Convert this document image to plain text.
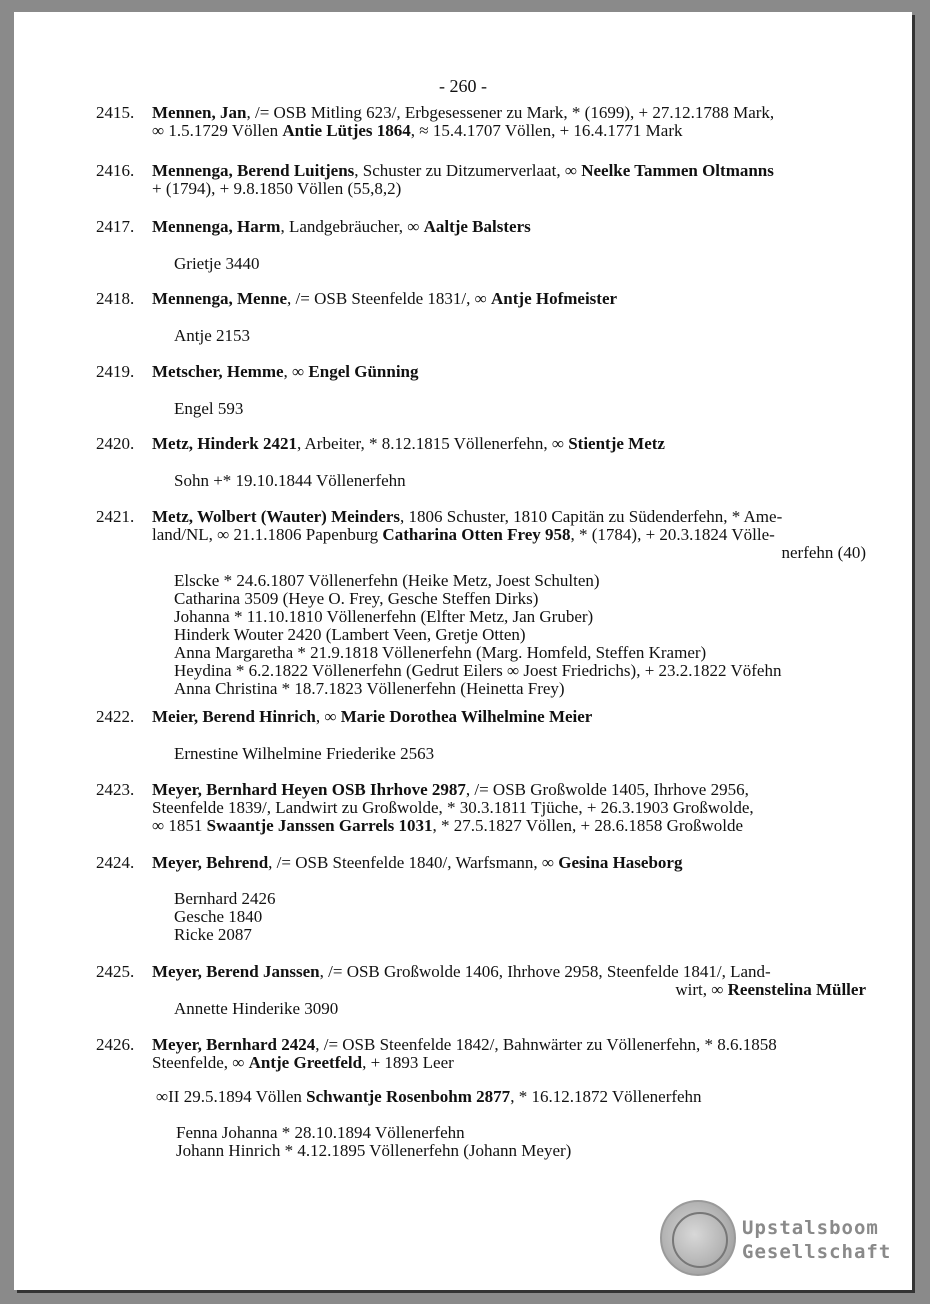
- 260 -
2415. Mennen, Jan, /= OSB Mitling 623/, Erbgesessener zu Mark, * (1699), + 27.12.1788 Mark,
∞ 1.5.1729 Völlen Antie Lütjes 1864, ≈ 15.4.1707 Völlen, + 16.4.1771 Mark
2416. Mennenga, Berend Luitjens, Schuster zu Ditzumerverlaat, ∞ Neelke Tammen Oltmanns
+ (1794), + 9.8.1850 Völlen (55,8,2)
2417. Mennenga, Harm, Landgebräucher, ∞ Aaltje Balsters
Grietje 3440
2418. Mennenga, Menne, /= OSB Steenfelde 1831/, ∞ Antje Hofmeister
Antje 2153
2419. Metscher, Hemme, ∞ Engel Günning
Engel 593
2420. Metz, Hinderk 2421, Arbeiter, * 8.12.1815 Völlenerfehn, ∞ Stientje Metz
Sohn +* 19.10.1844 Völlenerfehn
2421. Metz, Wolbert (Wauter) Meinders, 1806 Schuster, 1810 Capitän zu Südenderfehn, * Ame-
land/NL, ∞ 21.1.1806 Papenburg Catharina Otten Frey 958, * (1784), + 20.3.1824 Völle-
nerfehn (40)
Elscke * 24.6.1807 Völlenerfehn (Heike Metz, Joest Schulten)
Catharina 3509 (Heye O. Frey, Gesche Steffen Dirks)
Johanna * 11.10.1810 Völlenerfehn (Elfter Metz, Jan Gruber)
Hinderk Wouter 2420 (Lambert Veen, Gretje Otten)
Anna Margaretha * 21.9.1818 Völlenerfehn (Marg. Homfeld, Steffen Kramer)
Heydina * 6.2.1822 Völlenerfehn (Gedrut Eilers ∞ Joest Friedrichs), + 23.2.1822 Vöfehn
Anna Christina * 18.7.1823 Völlenerfehn (Heinetta Frey)
2422. Meier, Berend Hinrich, ∞ Marie Dorothea Wilhelmine Meier
Ernestine Wilhelmine Friederike 2563
2423. Meyer, Bernhard Heyen OSB Ihrhove 2987, /= OSB Großwolde 1405, Ihrhove 2956,
Steenfelde 1839/, Landwirt zu Großwolde, * 30.3.1811 Tjüche, + 26.3.1903 Großwolde,
∞ 1851 Swaantje Janssen Garrels 1031, * 27.5.1827 Völlen, + 28.6.1858 Großwolde
2424. Meyer, Behrend, /= OSB Steenfelde 1840/, Warfsmann, ∞ Gesina Haseborg
Bernhard 2426
Gesche 1840
Ricke 2087
2425. Meyer, Berend Janssen, /= OSB Großwolde 1406, Ihrhove 2958, Steenfelde 1841/, Land-
wirt, ∞ Reenstelina Müller
Annette Hinderike 3090
2426. Meyer, Bernhard 2424, /= OSB Steenfelde 1842/, Bahnwärter zu Völlenerfehn, * 8.6.1858
Steenfelde, ∞ Antje Greetfeld, + 1893 Leer
∞II 29.5.1894 Völlen Schwantje Rosenbohm 2877, * 16.12.1872 Völlenerfehn
Fenna Johanna * 28.10.1894 Völlenerfehn
Johann Hinrich * 4.12.1895 Völlenerfehn (Johann Meyer)
Upstalsboom
Gesellschaft
